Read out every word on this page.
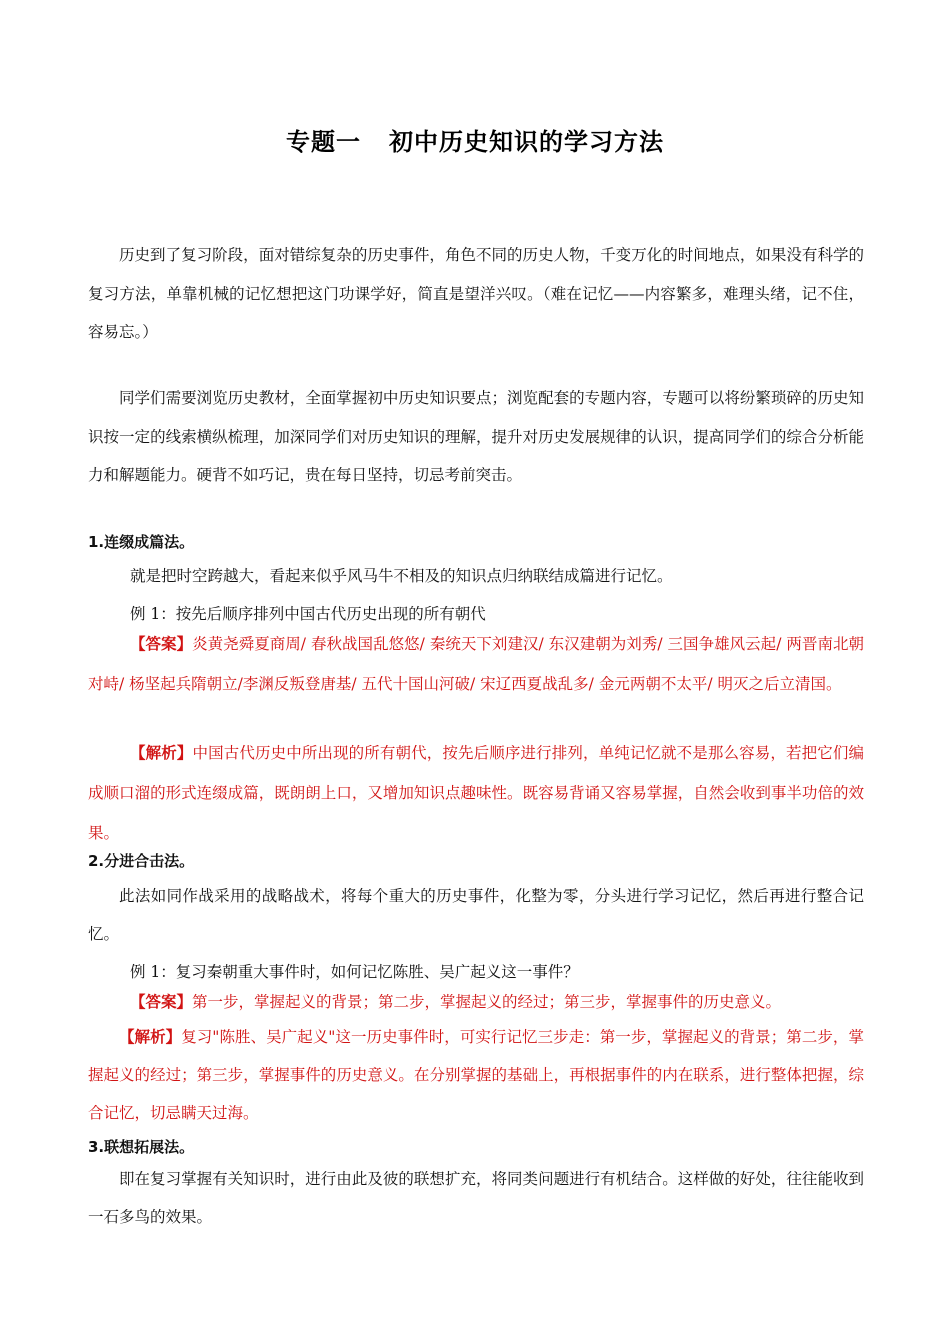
专题一 初中历史知识的学习方法

历史到了复习阶段，面对错综复杂的历史事件，角色不同的历史人物，千变万化的时间地点，如果没有科学的复习方法，单靠机械的记忆想把这门功课学好，简直是望洋兴叹。（难在记忆——内容繁多，难理头绪，记不住，容易忘。）

同学们需要浏览历史教材，全面掌握初中历史知识要点；浏览配套的专题内容，专题可以将纷繁琐碎的历史知识按一定的线索横纵梳理，加深同学们对历史知识的理解，提升对历史发展规律的认识，提高同学们的综合分析能力和解题能力。硬背不如巧记，贵在每日坚持，切忌考前突击。

1.连缀成篇法。

就是把时空跨越大，看起来似乎风马牛不相及的知识点归纳联结成篇进行记忆。

例 1：按先后顺序排列中国古代历史出现的所有朝代

【答案】炎黄尧舜夏商周/ 春秋战国乱悠悠/ 秦统天下刘建汉/ 东汉建朝为刘秀/ 三国争雄风云起/ 两晋南北朝对峙/ 杨坚起兵隋朝立/李渊反叛登唐基/ 五代十国山河破/ 宋辽西夏战乱多/ 金元两朝不太平/ 明灭之后立清国。

【解析】中国古代历史中所出现的所有朝代，按先后顺序进行排列，单纯记忆就不是那么容易，若把它们编成顺口溜的形式连缀成篇，既朗朗上口，又增加知识点趣味性。既容易背诵又容易掌握，自然会收到事半功倍的效果。

2.分进合击法。

此法如同作战采用的战略战术，将每个重大的历史事件，化整为零，分头进行学习记忆，然后再进行整合记忆。

例 1：复习秦朝重大事件时，如何记忆陈胜、吴广起义这一事件？

【答案】第一步，掌握起义的背景；第二步，掌握起义的经过；第三步，掌握事件的历史意义。

【解析】复习"陈胜、吴广起义"这一历史事件时，可实行记忆三步走：第一步，掌握起义的背景；第二步，掌握起义的经过；第三步，掌握事件的历史意义。在分别掌握的基础上，再根据事件的内在联系，进行整体把握，综合记忆，切忌瞒天过海。

3.联想拓展法。

即在复习掌握有关知识时，进行由此及彼的联想扩充，将同类问题进行有机结合。这样做的好处，往往能收到一石多鸟的效果。
